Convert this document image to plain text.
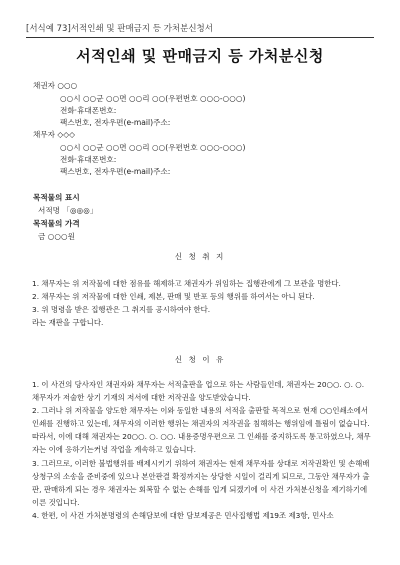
[서식예 73]서적인쇄 및 판매금지 등 가처분신청서
서적인쇄 및 판매금지 등 가처분신청
채권자 ○○○
○○시 ○○군 ○○면 ○○리 ○○(우편번호 ○○○-○○○)
전화·휴대폰번호:
팩스번호, 전자우편(e-mail)주소:
채무자 ◇◇◇
○○시 ○○군 ○○면 ○○리 ○○(우편번호 ○○○-○○○)
전화·휴대폰번호:
팩스번호, 전자우편(e-mail)주소:
목적물의 표시
서적명 「◎◎◎」
목적물의 가격
금 ○○○원
신 청 취 지

1. 채무자는 위 저작물에 대한 점유를 해제하고 채권자가 위임하는 집행관에게 그 보관을 명한다.

2. 채무자는 위 저작물에 대한 인쇄, 제본, 판매 및 반포 등의 행위를 하여서는 아니 된다.

3. 위 명령을 받은 집행관은 그 취지를 공시하여야 한다.

라는 재판을 구합니다.

신 청 이 유

1. 이 사건의 당사자인 채권자와 채무자는 서적출판을 업으로 하는 사람들인데, 채권자는 20○○. ○. ○. 채무자가 저술한 상기 기재의 저서에 대한 저작권을 양도받았습니다.

2. 그러나 위 저작물을 양도한 채무자는 이와 동일한 내용의 서적을 출판할 목적으로 현재 ○○인쇄소에서 인쇄를 진행하고 있는데, 채무자의 이러한 행위는 채권자의 저작권을 침해하는 행위임에 틀림이 없습니다. 따라서, 이에 대해 채권자는 20○○. ○. ○○. 내용증명우편으로 그 인쇄를 중지하도록 통고하였으나, 채무자는 이에 응하기는커녕 작업을 계속하고 있습니다.

3. 그러므로, 이러한 불법행위를 배제시키기 위하여 채권자는 현재 채무자를 상대로 저작권확인 및 손해배상청구의 소송을 준비중에 있으나 본안판결 확정까지는 상당한 시일이 걸리게 되므로, 그동안 채무자가 출판, 판매하게 되는 경우 채권자는 회복할 수 없는 손해를 입게 되겠기에 이 사건 가처분신청을 제기하기에 이른 것입니다.

4. 한편, 이 사건 가처분명령의 손해담보에 대한 담보제공은 민사집행법 제19조 제3항, 민사소
